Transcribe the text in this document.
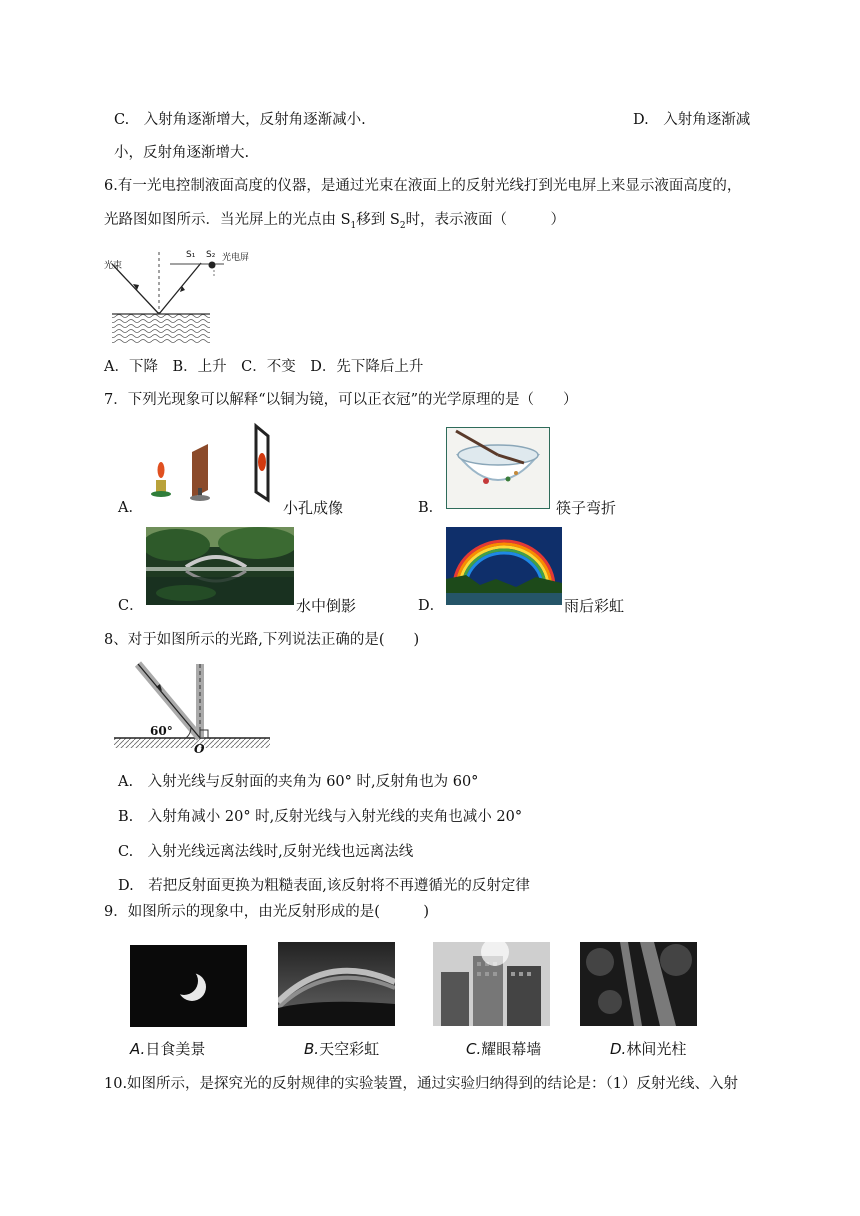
C.　入射角逐渐增大，反射角逐渐减小.	D.　入射角逐渐减
小，反射角逐渐增大.
6.有一光电控制液面高度的仪器，是通过光束在液面上的反射光线打到光电屏上来显示液面高度的，
光路图如图所示．当光屏上的光点由 $S_1$移到 $S_2$时，表示液面（　　　）
光束
S₁ S₂ 光电屏
A．下降　B．上升　C．不变　D．先下降后上升
7．下列光现象可以解释“以铜为镜，可以正衣冠”的光学原理的是（　　）
A．	小孔成像	B．	筷子弯折
C．	水中倒影	D．	雨后彩虹
8、对于如图所示的光路,下列说法正确的是(　　)
60°
O
A.　入射光线与反射面的夹角为 60° 时,反射角也为 60°
B.　入射角减小 20° 时,反射光线与入射光线的夹角也减小 20°
C.　入射光线远离法线时,反射光线也远离法线
D.　若把反射面更换为粗糙表面,该反射将不再遵循光的反射定律
9．如图所示的现象中，由光反射形成的是(　　　)
A.日食美景	B.天空彩虹	C.耀眼幕墙	D.林间光柱
10.如图所示，是探究光的反射规律的实验装置，通过实验归纳得到的结论是：（1）反射光线、入射
